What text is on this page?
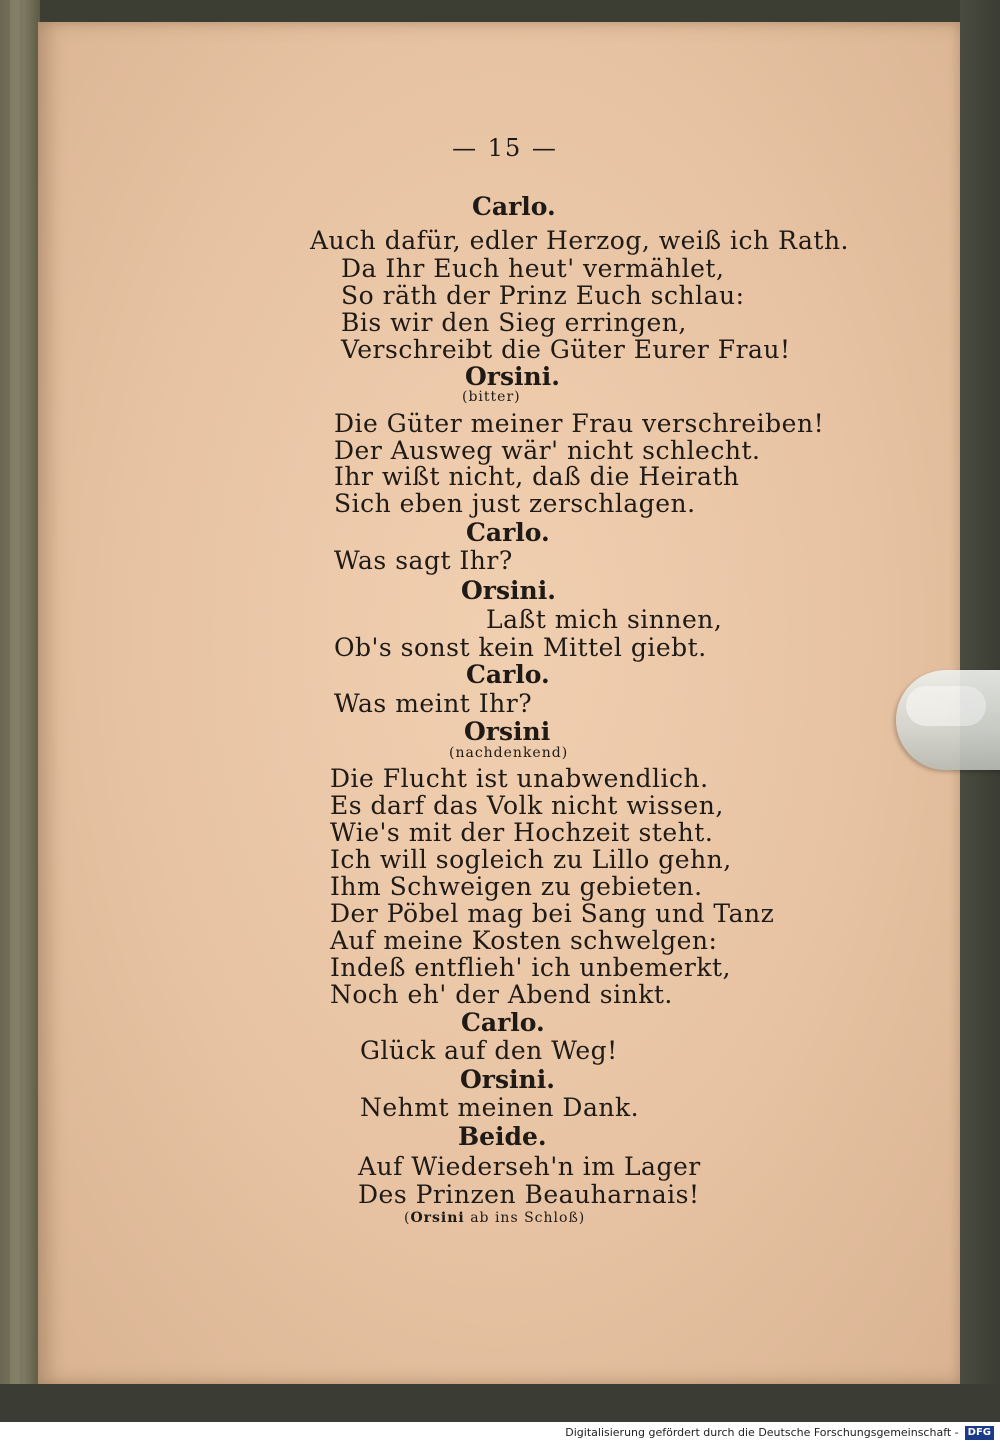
— 15 —
Carlo.
Auch dafür, edler Herzog, weiß ich Rath.
Da Ihr Euch heut' vermählet,
So räth der Prinz Euch schlau:
Bis wir den Sieg erringen,
Verschreibt die Güter Eurer Frau!
Orsini.
(bitter)
Die Güter meiner Frau verschreiben!
Der Ausweg wär' nicht schlecht.
Ihr wißt nicht, daß die Heirath
Sich eben just zerschlagen.
Carlo.
Was sagt Ihr?
Orsini.
Laßt mich sinnen,
Ob's sonst kein Mittel giebt.
Carlo.
Was meint Ihr?
Orsini
(nachdenkend)
Die Flucht ist unabwendlich.
Es darf das Volk nicht wissen,
Wie's mit der Hochzeit steht.
Ich will sogleich zu Lillo gehn,
Ihm Schweigen zu gebieten.
Der Pöbel mag bei Sang und Tanz
Auf meine Kosten schwelgen:
Indeß entflieh' ich unbemerkt,
Noch eh' der Abend sinkt.
Carlo.
Glück auf den Weg!
Orsini.
Nehmt meinen Dank.
Beide.
Auf Wiederseh'n im Lager
Des Prinzen Beauharnais!
(Orsini ab ins Schloß)
Digitalisierung gefördert durch die Deutsche Forschungsgemeinschaft - DFG
